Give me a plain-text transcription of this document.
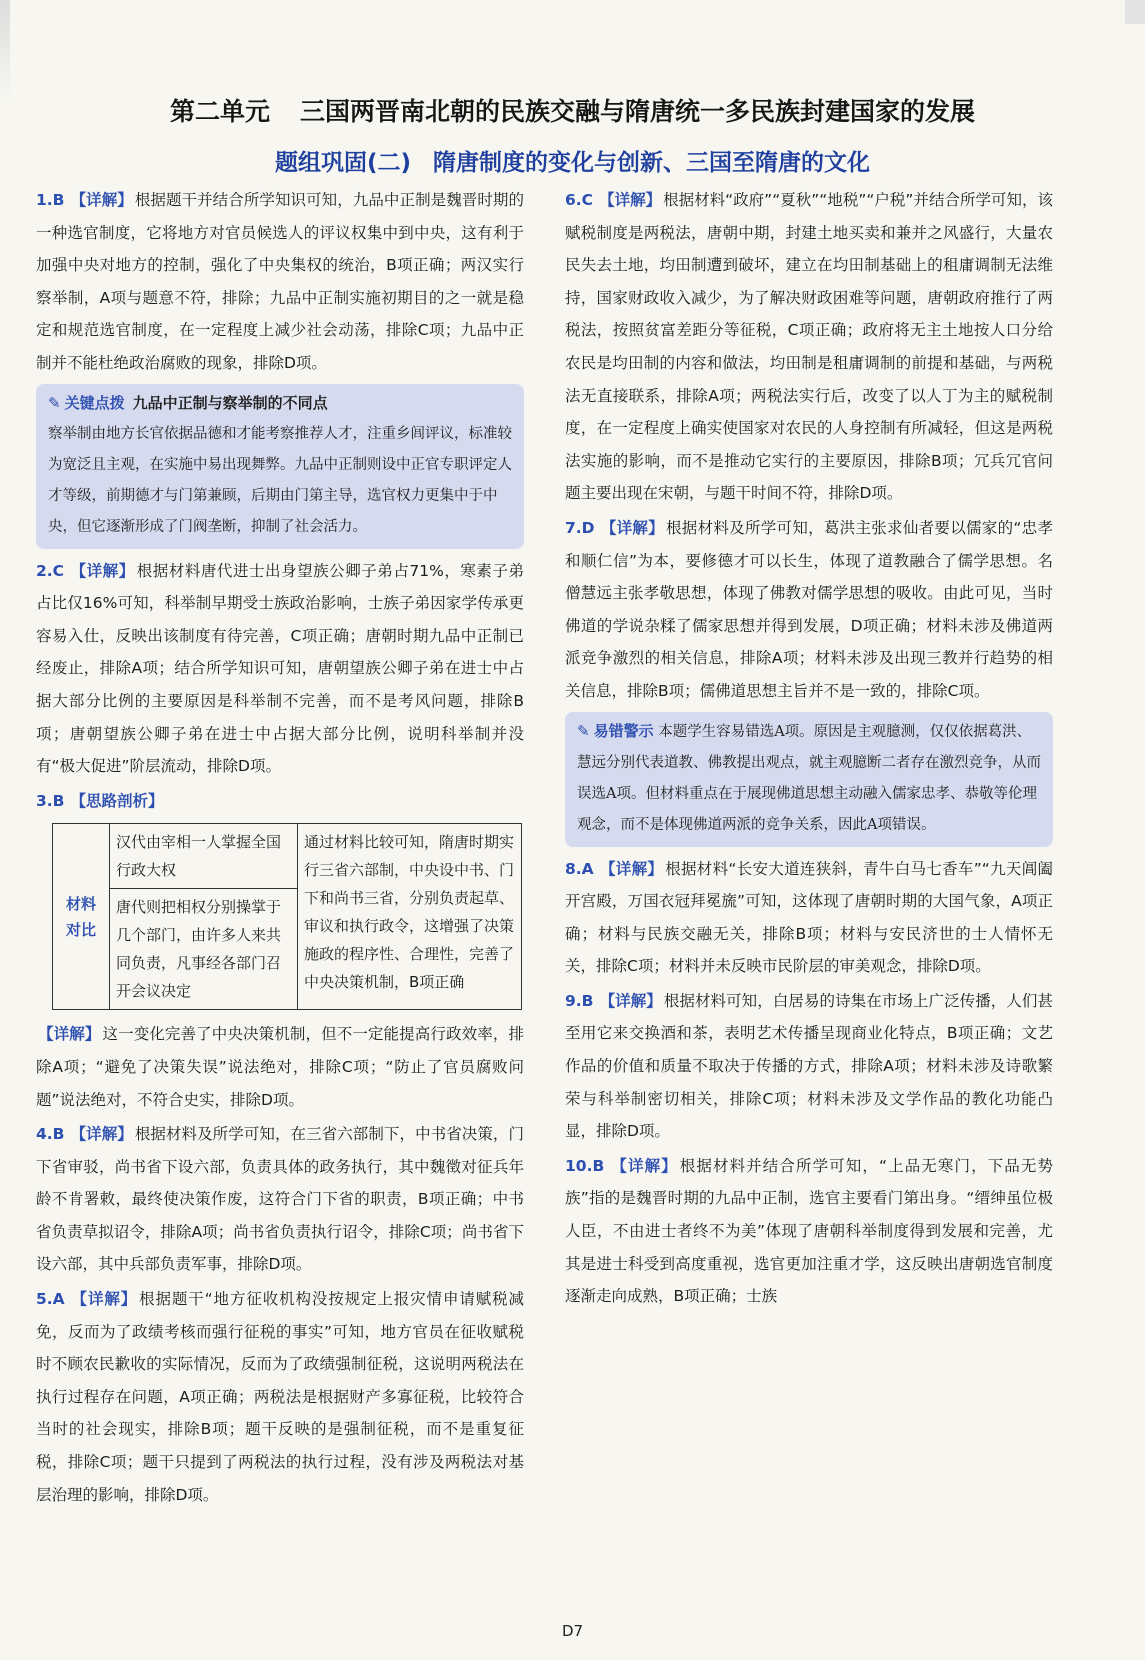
第二单元 三国两晋南北朝的民族交融与隋唐统一多民族封建国家的发展
题组巩固(二) 隋唐制度的变化与创新、三国至隋唐的文化

1.B 【详解】 根据题干并结合所学知识可知，九品中正制是魏晋时期的一种选官制度，它将地方对官员候选人的评议权集中到中央，这有利于加强中央对地方的控制，强化了中央集权的统治，B项正确；两汉实行察举制，A项与题意不符，排除；九品中正制实施初期目的之一就是稳定和规范选官制度，在一定程度上减少社会动荡，排除C项；九品中正制并不能杜绝政治腐败的现象，排除D项。

✎ 关键点拨 九品中正制与察举制的不同点
察举制由地方长官依据品德和才能考察推荐人才，注重乡闾评议，标准较为宽泛且主观，在实施中易出现舞弊。九品中正制则设中正官专职评定人才等级，前期德才与门第兼顾，后期由门第主导，选官权力更集中于中央，但它逐渐形成了门阀垄断，抑制了社会活力。

2.C 【详解】 根据材料唐代进士出身望族公卿子弟占71%，寒素子弟占比仅16%可知，科举制早期受士族政治影响，士族子弟因家学传承更容易入仕，反映出该制度有待完善，C项正确；唐朝时期九品中正制已经废止，排除A项；结合所学知识可知，唐朝望族公卿子弟在进士中占据大部分比例的主要原因是科举制不完善，而不是考风问题，排除B项；唐朝望族公卿子弟在进士中占据大部分比例，说明科举制并没有“极大促进”阶层流动，排除D项。

3.B 【思路剖析】

材料对比	汉代由宰相一人掌握全国行政大权	通过材料比较可知，隋唐时期实行三省六部制，中央设中书、门下和尚书三省，分别负责起草、审议和执行政令，这增强了决策施政的程序性、合理性，完善了中央决策机制，B项正确
唐代则把相权分别操掌于几个部门，由许多人来共同负责，凡事经各部门召开会议决定

【详解】 这一变化完善了中央决策机制，但不一定能提高行政效率，排除A项；“避免了决策失误”说法绝对，排除C项；“防止了官员腐败问题”说法绝对，不符合史实，排除D项。

4.B 【详解】 根据材料及所学可知，在三省六部制下，中书省决策，门下省审驳，尚书省下设六部，负责具体的政务执行，其中魏徵对征兵年龄不肯署敕，最终使决策作废，这符合门下省的职责，B项正确；中书省负责草拟诏令，排除A项；尚书省负责执行诏令，排除C项；尚书省下设六部，其中兵部负责军事，排除D项。

5.A 【详解】 根据题干“地方征收机构没按规定上报灾情申请赋税减免，反而为了政绩考核而强行征税的事实”可知，地方官员在征收赋税时不顾农民歉收的实际情况，反而为了政绩强制征税，这说明两税法在执行过程存在问题，A项正确；两税法是根据财产多寡征税，比较符合当时的社会现实，排除B项；题干反映的是强制征税，而不是重复征税，排除C项；题干只提到了两税法的执行过程，没有涉及两税法对基层治理的影响，排除D项。

6.C 【详解】 根据材料“政府”“夏秋”“地税”“户税”并结合所学可知，该赋税制度是两税法，唐朝中期，封建土地买卖和兼并之风盛行，大量农民失去土地，均田制遭到破坏，建立在均田制基础上的租庸调制无法维持，国家财政收入减少，为了解决财政困难等问题，唐朝政府推行了两税法，按照贫富差距分等征税，C项正确；政府将无主土地按人口分给农民是均田制的内容和做法，均田制是租庸调制的前提和基础，与两税法无直接联系，排除A项；两税法实行后，改变了以人丁为主的赋税制度，在一定程度上确实使国家对农民的人身控制有所减轻，但这是两税法实施的影响，而不是推动它实行的主要原因，排除B项；冗兵冗官问题主要出现在宋朝，与题干时间不符，排除D项。

7.D 【详解】 根据材料及所学可知，葛洪主张求仙者要以儒家的“忠孝和顺仁信”为本，要修德才可以长生，体现了道教融合了儒学思想。名僧慧远主张孝敬思想，体现了佛教对儒学思想的吸收。由此可见，当时佛道的学说杂糅了儒家思想并得到发展，D项正确；材料未涉及佛道两派竞争激烈的相关信息，排除A项；材料未涉及出现三教并行趋势的相关信息，排除B项；儒佛道思想主旨并不是一致的，排除C项。

✎ 易错警示 本题学生容易错选A项。原因是主观臆测，仅仅依据葛洪、慧远分别代表道教、佛教提出观点，就主观臆断二者存在激烈竞争，从而误选A项。但材料重点在于展现佛道思想主动融入儒家忠孝、恭敬等伦理观念，而不是体现佛道两派的竞争关系，因此A项错误。

8.A 【详解】 根据材料“长安大道连狭斜，青牛白马七香车”“九天阊阖开宫殿，万国衣冠拜冕旒”可知，这体现了唐朝时期的大国气象，A项正确；材料与民族交融无关，排除B项；材料与安民济世的士人情怀无关，排除C项；材料并未反映市民阶层的审美观念，排除D项。

9.B 【详解】 根据材料可知，白居易的诗集在市场上广泛传播，人们甚至用它来交换酒和茶，表明艺术传播呈现商业化特点，B项正确；文艺作品的价值和质量不取决于传播的方式，排除A项；材料未涉及诗歌繁荣与科举制密切相关，排除C项；材料未涉及文学作品的教化功能凸显，排除D项。

10.B 【详解】 根据材料并结合所学可知，“上品无寒门，下品无势族”指的是魏晋时期的九品中正制，选官主要看门第出身。“缙绅虽位极人臣，不由进士者终不为美”体现了唐朝科举制度得到发展和完善，尤其是进士科受到高度重视，选官更加注重才学，这反映出唐朝选官制度逐渐走向成熟，B项正确；士族

D7
